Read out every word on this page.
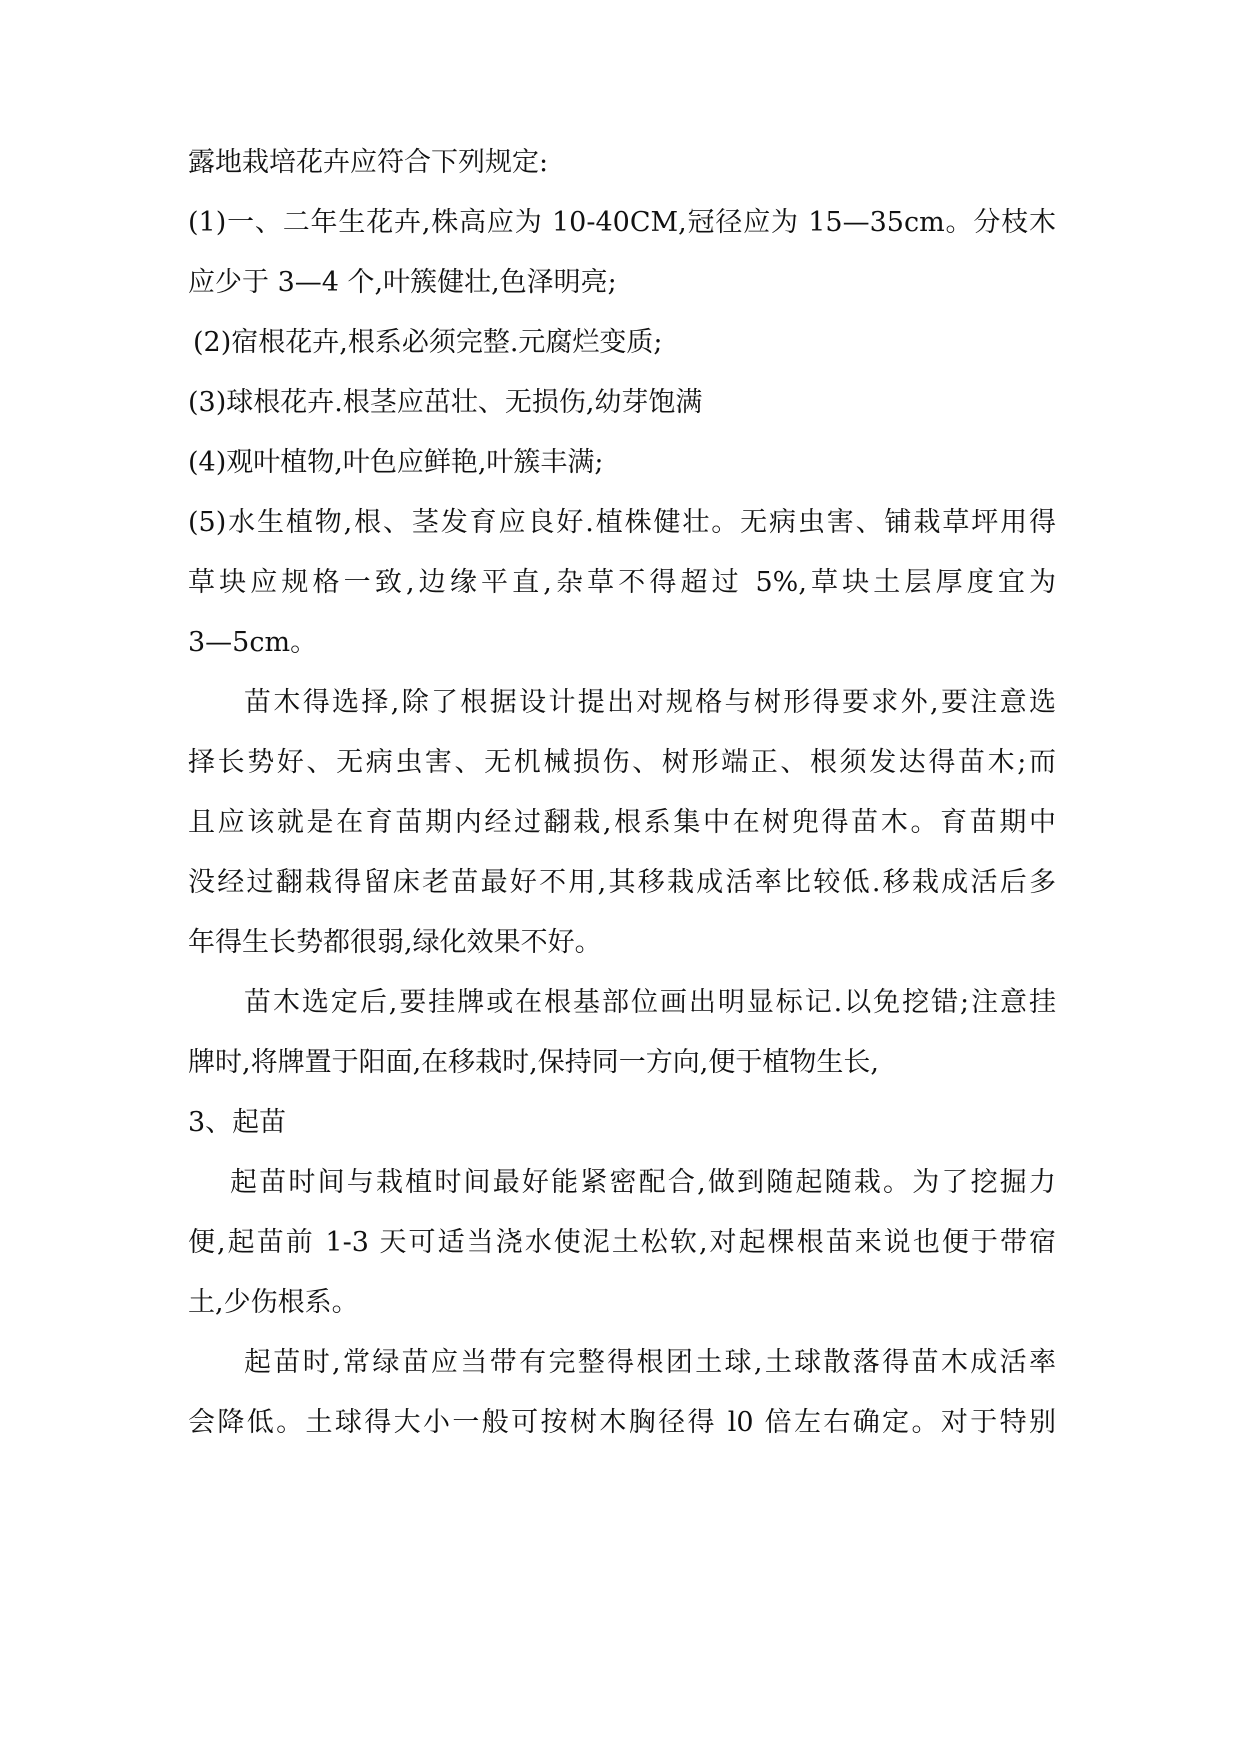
露地栽培花卉应符合下列规定:
(1)一、二年生花卉,株高应为 10-40CM,冠径应为 15—35cm。分枝木
应少于 3—4 个,叶簇健壮,色泽明亮;
(2)宿根花卉,根系必须完整.元腐烂变质;
(3)球根花卉.根茎应茁壮、无损伤,幼芽饱满
(4)观叶植物,叶色应鲜艳,叶簇丰满;
(5)水生植物,根、茎发育应良好.植株健壮。无病虫害、铺栽草坪用得
草块应规格一致,边缘平直,杂草不得超过 5%,草块土层厚度宜为
3—5cm。
苗木得选择,除了根据设计提出对规格与树形得要求外,要注意选
择长势好、无病虫害、无机械损伤、树形端正、根须发达得苗木;而
且应该就是在育苗期内经过翻栽,根系集中在树兜得苗木。育苗期中
没经过翻栽得留床老苗最好不用,其移栽成活率比较低.移栽成活后多
年得生长势都很弱,绿化效果不好。
苗木选定后,要挂牌或在根基部位画出明显标记.以免挖错;注意挂
牌时,将牌置于阳面,在移栽时,保持同一方向,便于植物生长,
3、起苗
起苗时间与栽植时间最好能紧密配合,做到随起随栽。为了挖掘力
便,起苗前 1-3 天可适当浇水使泥土松软,对起棵根苗来说也便于带宿
土,少伤根系。
起苗时,常绿苗应当带有完整得根团土球,土球散落得苗木成活率
会降低。土球得大小一般可按树木胸径得 l0 倍左右确定。对于特别
